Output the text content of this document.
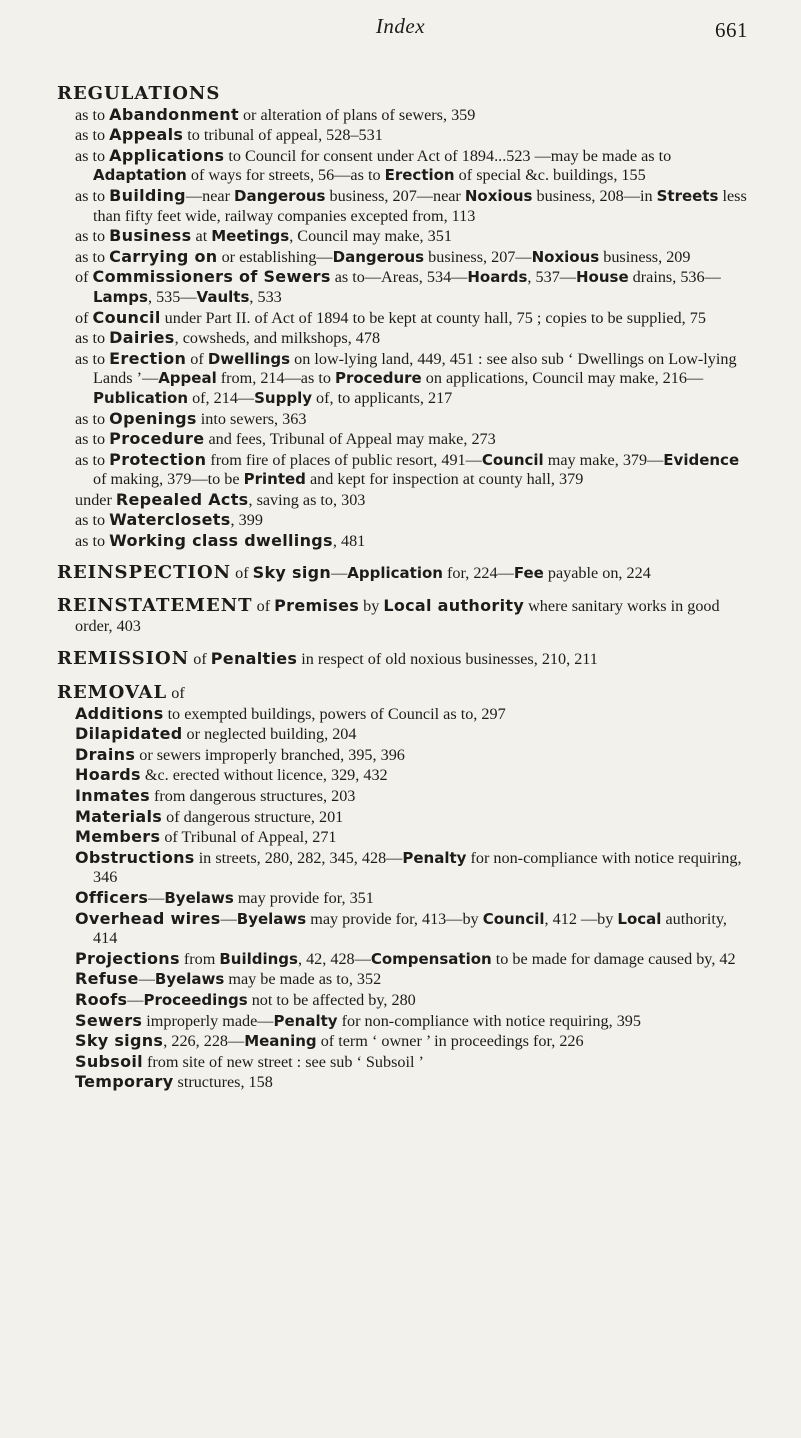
Index	661
REGULATIONS
as to Abandonment or alteration of plans of sewers, 359
as to Appeals to tribunal of appeal, 528–531
as to Applications to Council for consent under Act of 1894...523 —may be made as to Adaptation of ways for streets, 56—as to Erection of special &c. buildings, 155
as to Building—near Dangerous business, 207—near Noxious business, 208—in Streets less than fifty feet wide, railway companies excepted from, 113
as to Business at Meetings, Council may make, 351
as to Carrying on or establishing—Dangerous business, 207—Noxious business, 209
of Commissioners of Sewers as to—Areas, 534—Hoards, 537—House drains, 536—Lamps, 535—Vaults, 533
of Council under Part II. of Act of 1894 to be kept at county hall, 75 ; copies to be supplied, 75
as to Dairies, cowsheds, and milkshops, 478
as to Erection of Dwellings on low-lying land, 449, 451 : see also sub ‘ Dwellings on Low-lying Lands ’—Appeal from, 214—as to Procedure on applications, Council may make, 216—Publication of, 214—Supply of, to applicants, 217
as to Openings into sewers, 363
as to Procedure and fees, Tribunal of Appeal may make, 273
as to Protection from fire of places of public resort, 491—Council may make, 379—Evidence of making, 379—to be Printed and kept for inspection at county hall, 379
under Repealed Acts, saving as to, 303
as to Waterclosets, 399
as to Working class dwellings, 481
REINSPECTION of Sky sign—Application for, 224—Fee payable on, 224
REINSTATEMENT of Premises by Local authority where sanitary works in good order, 403
REMISSION of Penalties in respect of old noxious businesses, 210, 211
REMOVAL of
Additions to exempted buildings, powers of Council as to, 297
Dilapidated or neglected building, 204
Drains or sewers improperly branched, 395, 396
Hoards &c. erected without licence, 329, 432
Inmates from dangerous structures, 203
Materials of dangerous structure, 201
Members of Tribunal of Appeal, 271
Obstructions in streets, 280, 282, 345, 428—Penalty for non-compliance with notice requiring, 346
Officers—Byelaws may provide for, 351
Overhead wires—Byelaws may provide for, 413—by Council, 412 —by Local authority, 414
Projections from Buildings, 42, 428—Compensation to be made for damage caused by, 42
Refuse—Byelaws may be made as to, 352
Roofs—Proceedings not to be affected by, 280
Sewers improperly made—Penalty for non-compliance with notice requiring, 395
Sky signs, 226, 228—Meaning of term ‘ owner ’ in proceedings for, 226
Subsoil from site of new street : see sub ‘ Subsoil ’
Temporary structures, 158
